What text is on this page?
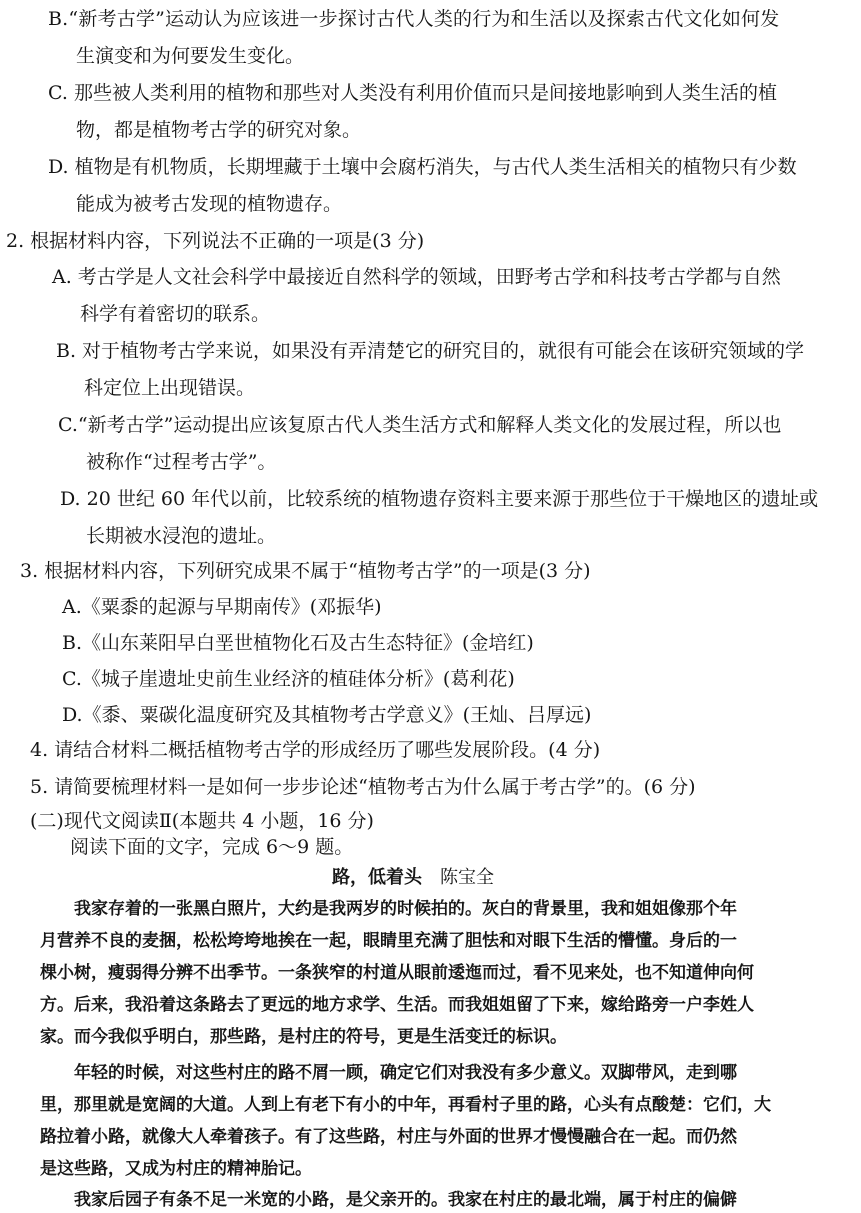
B.“新考古学”运动认为应该进一步探讨古代人类的行为和生活以及探索古代文化如何发
生演变和为何要发生变化。
C. 那些被人类利用的植物和那些对人类没有利用价值而只是间接地影响到人类生活的植
物，都是植物考古学的研究对象。
D. 植物是有机物质，长期埋藏于土壤中会腐朽消失，与古代人类生活相关的植物只有少数
能成为被考古发现的植物遗存。
2. 根据材料内容，下列说法不正确的一项是(3 分)
A. 考古学是人文社会科学中最接近自然科学的领域，田野考古学和科技考古学都与自然
科学有着密切的联系。
B. 对于植物考古学来说，如果没有弄清楚它的研究目的，就很有可能会在该研究领域的学
科定位上出现错误。
C.“新考古学”运动提出应该复原古代人类生活方式和解释人类文化的发展过程，所以也
被称作“过程考古学”。
D. 20 世纪 60 年代以前，比较系统的植物遗存资料主要来源于那些位于干燥地区的遗址或
长期被水浸泡的遗址。
3. 根据材料内容，下列研究成果不属于“植物考古学”的一项是(3 分)
A.《粟黍的起源与早期南传》(邓振华)
B.《山东莱阳早白垩世植物化石及古生态特征》(金培红)
C.《城子崖遗址史前生业经济的植硅体分析》(葛利花)
D.《黍、粟碳化温度研究及其植物考古学意义》(王灿、吕厚远)
4. 请结合材料二概括植物考古学的形成经历了哪些发展阶段。(4 分)
5. 请简要梳理材料一是如何一步步论述“植物考古为什么属于考古学”的。(6 分)
(二)现代文阅读Ⅱ(本题共 4 小题，16 分)
阅读下面的文字，完成 6～9 题。
路，低着头 陈宝全
我家存着的一张黑白照片，大约是我两岁的时候拍的。灰白的背景里，我和姐姐像那个年
月营养不良的麦捆，松松垮垮地挨在一起，眼睛里充满了胆怯和对眼下生活的懵懂。身后的一
棵小树，瘦弱得分辨不出季节。一条狭窄的村道从眼前逶迤而过，看不见来处，也不知道伸向何
方。后来，我沿着这条路去了更远的地方求学、生活。而我姐姐留了下来，嫁给路旁一户李姓人
家。而今我似乎明白，那些路，是村庄的符号，更是生活变迁的标识。
年轻的时候，对这些村庄的路不屑一顾，确定它们对我没有多少意义。双脚带风，走到哪
里，那里就是宽阔的大道。人到上有老下有小的中年，再看村子里的路，心头有点酸楚：它们，大
路拉着小路，就像大人牵着孩子。有了这些路，村庄与外面的世界才慢慢融合在一起。而仍然
是这些路，又成为村庄的精神胎记。
我家后园子有条不足一米宽的小路，是父亲开的。我家在村庄的最北端，属于村庄的偏僻
